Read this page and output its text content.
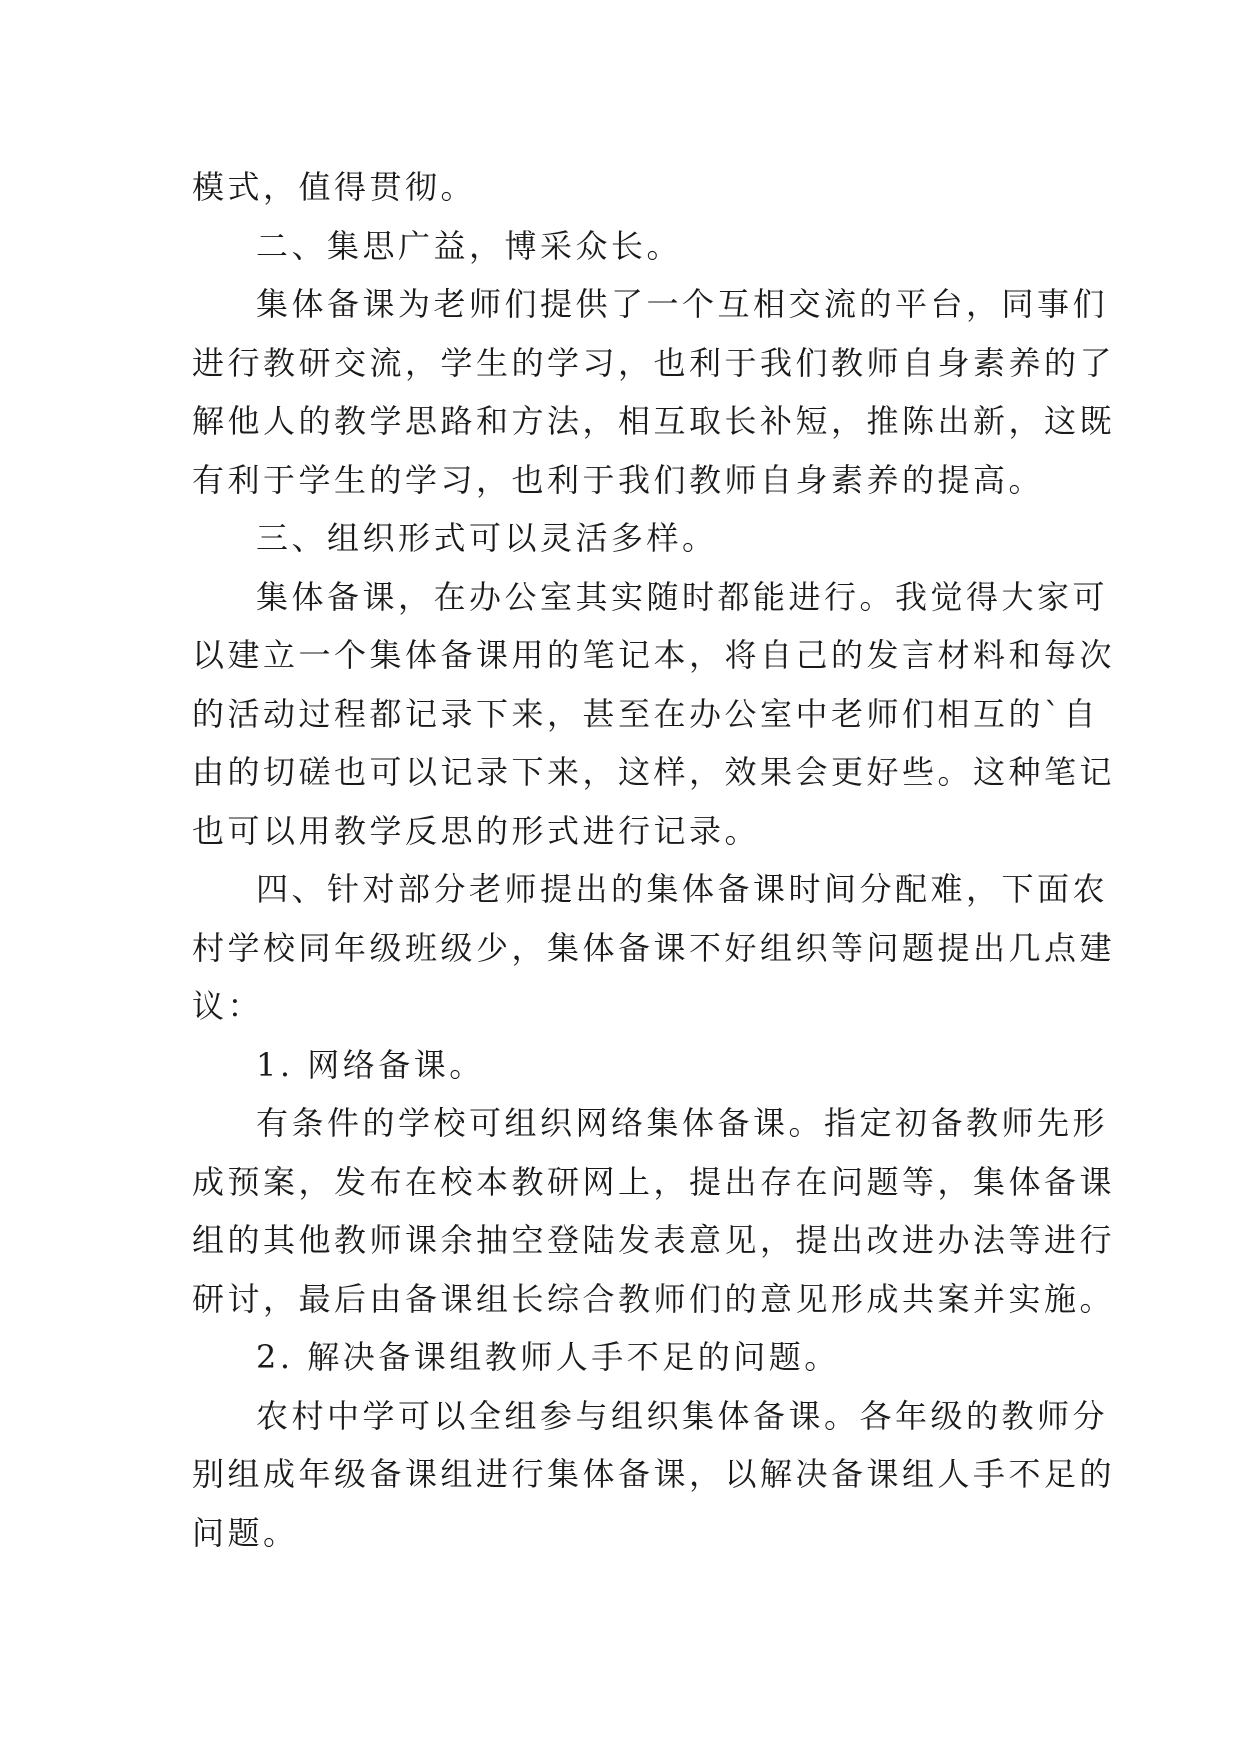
模式，值得贯彻。

二、集思广益，博采众长。

集体备课为老师们提供了一个互相交流的平台，同事们

进行教研交流，学生的学习，也利于我们教师自身素养的了

解他人的教学思路和方法，相互取长补短，推陈出新，这既

有利于学生的学习，也利于我们教师自身素养的提高。

三、组织形式可以灵活多样。

集体备课，在办公室其实随时都能进行。我觉得大家可

以建立一个集体备课用的笔记本，将自己的发言材料和每次

的活动过程都记录下来，甚至在办公室中老师们相互的`自

由的切磋也可以记录下来，这样，效果会更好些。这种笔记

也可以用教学反思的形式进行记录。

四、针对部分老师提出的集体备课时间分配难，下面农

村学校同年级班级少，集体备课不好组织等问题提出几点建

议：

1. 网络备课。

有条件的学校可组织网络集体备课。指定初备教师先形

成预案，发布在校本教研网上，提出存在问题等，集体备课

组的其他教师课余抽空登陆发表意见，提出改进办法等进行

研讨，最后由备课组长综合教师们的意见形成共案并实施。

2. 解决备课组教师人手不足的问题。

农村中学可以全组参与组织集体备课。各年级的教师分

别组成年级备课组进行集体备课，以解决备课组人手不足的

问题。
